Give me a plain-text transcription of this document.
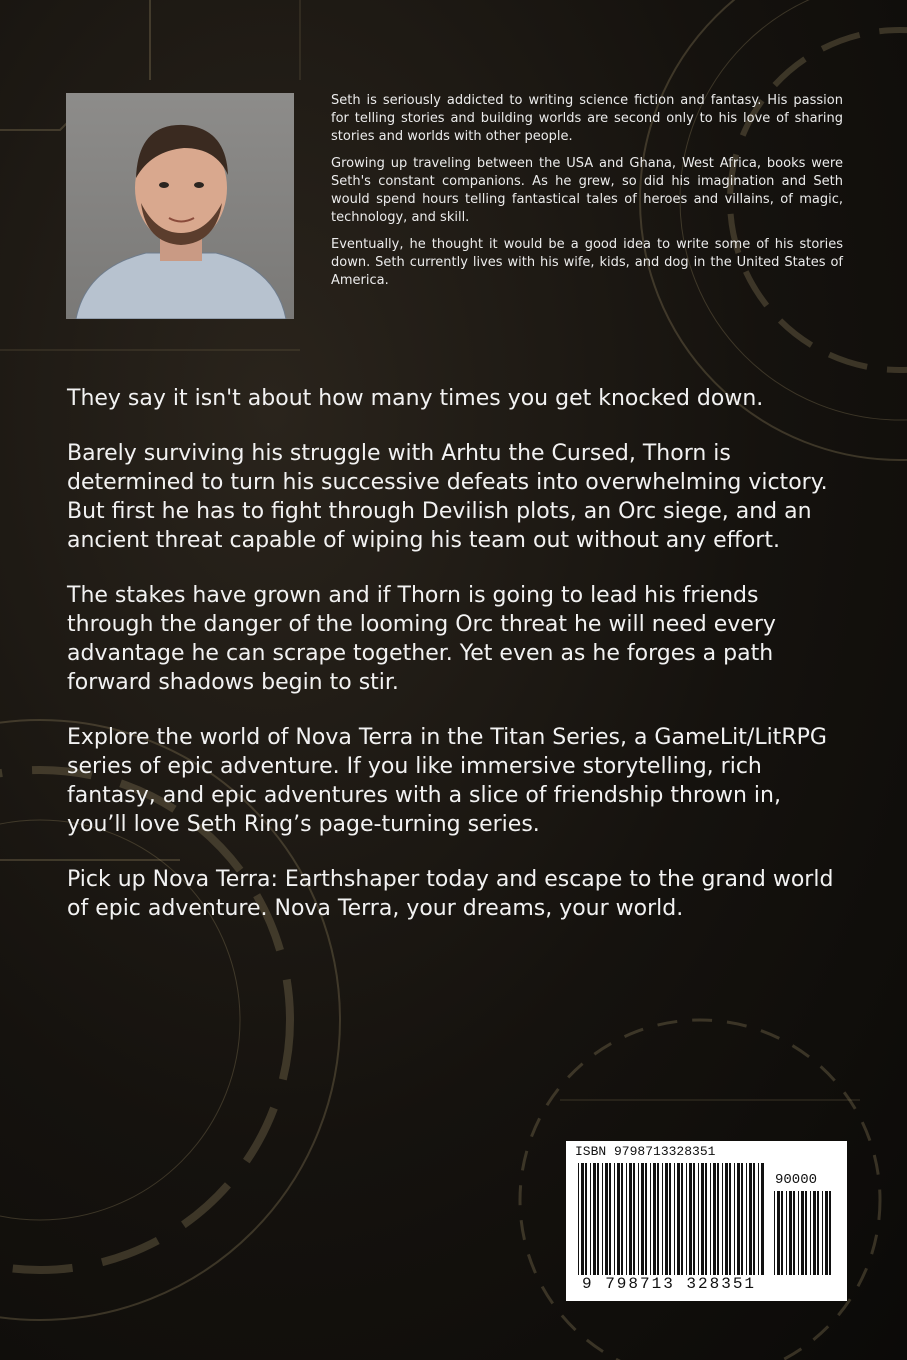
Seth is seriously addicted to writing science fiction and fantasy. His passion for telling stories and building worlds are second only to his love of sharing stories and worlds with other people.

Growing up traveling between the USA and Ghana, West Africa, books were Seth's constant companions. As he grew, so did his imagination and Seth would spend hours telling fantastical tales of heroes and villains, of magic, technology, and skill.

Eventually, he thought it would be a good idea to write some of his stories down. Seth currently lives with his wife, kids, and dog in the United States of America.

They say it isn't about how many times you get knocked down.

Barely surviving his struggle with Arhtu the Cursed, Thorn is determined to turn his successive defeats into overwhelming victory. But first he has to fight through Devilish plots, an Orc siege, and an ancient threat capable of wiping his team out without any effort.

The stakes have grown and if Thorn is going to lead his friends through the danger of the looming Orc threat he will need every advantage he can scrape together. Yet even as he forges a path forward shadows begin to stir.

Explore the world of Nova Terra in the Titan Series, a GameLit/LitRPG series of epic adventure. If you like immersive storytelling, rich fantasy, and epic adventures with a slice of friendship thrown in, you’ll love Seth Ring’s page-turning series.

Pick up Nova Terra: Earthshaper today and escape to the grand world of epic adventure. Nova Terra, your dreams, your world.

ISBN 9798713328351
90000
9 798713 328351
